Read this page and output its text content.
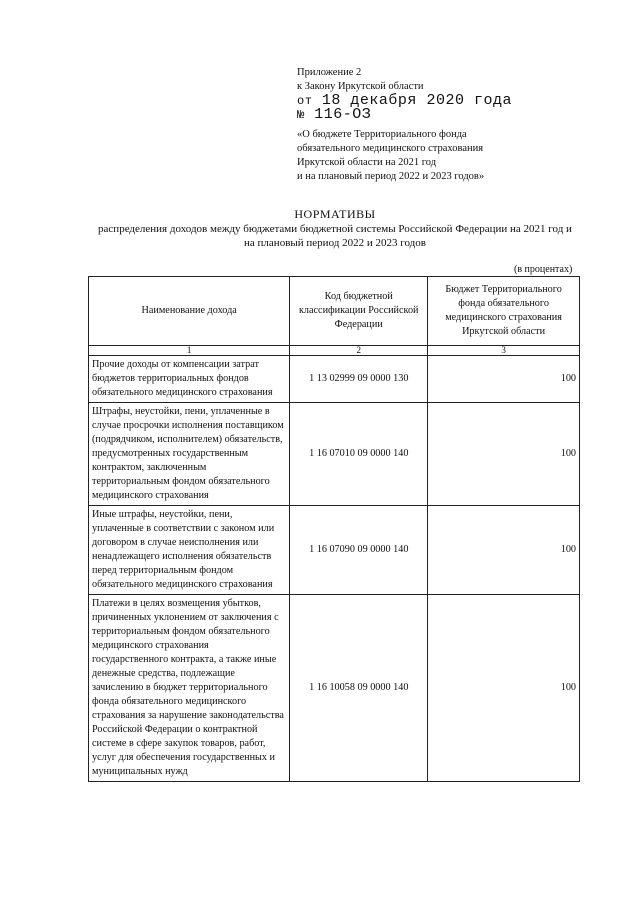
Приложение 2
к Закону Иркутской области
от 18 декабря 2020 года
№ 116-ОЗ
«О бюджете Территориального фонда
обязательного медицинского страхования
Иркутской области на 2021 год
и на плановый период 2022 и 2023 годов»
НОРМАТИВЫ
распределения доходов между бюджетами бюджетной системы Российской Федерации на 2021 год и
на плановый период 2022 и 2023 годов
(в процентах)
Наименование дохода	Код бюджетной классификации Российской Федерации	Бюджет Территориального фонда обязательного медицинского страхования Иркутской области
1	2	3
Прочие доходы от компенсации затрат бюджетов территориальных фондов обязательного медицинского страхования	1 13 02999 09 0000 130	100
Штрафы, неустойки, пени, уплаченные в случае просрочки исполнения поставщиком (подрядчиком, исполнителем) обязательств, предусмотренных государственным контрактом, заключенным территориальным фондом обязательного медицинского страхования	1 16 07010 09 0000 140	100
Иные штрафы, неустойки, пени, уплаченные в соответствии с законом или договором в случае неисполнения или ненадлежащего исполнения обязательств перед территориальным фондом обязательного медицинского страхования	1 16 07090 09 0000 140	100
Платежи в целях возмещения убытков, причиненных уклонением от заключения с территориальным фондом обязательного медицинского страхования государственного контракта, а также иные денежные средства, подлежащие зачислению в бюджет территориального фонда обязательного медицинского страхования за нарушение законодательства Российской Федерации о контрактной системе в сфере закупок товаров, работ, услуг для обеспечения государственных и муниципальных нужд	1 16 10058 09 0000 140	100
